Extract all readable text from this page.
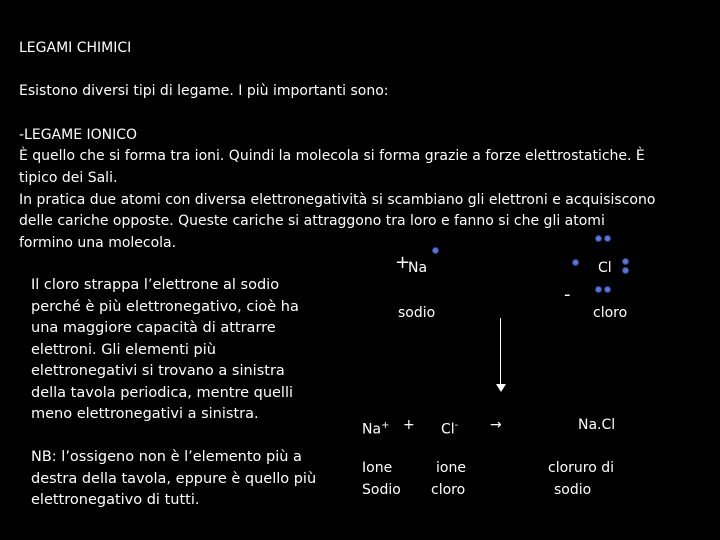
LEGAMI CHIMICI
Esistono diversi tipi di legame. I più importanti sono:
-LEGAME IONICO
È quello che si forma tra ioni. Quindi la molecola si forma grazie a forze elettrostatiche. È
tipico dei Sali.
In pratica due atomi con diversa elettronegatività si scambiano gli elettroni e acquisiscono
delle cariche opposte. Queste cariche si attraggono tra loro e fanno si che gli atomi
formino una molecola.
Il cloro strappa l’elettrone al sodio perché è più elettronegativo, cioè ha una maggiore capacità di attrarre elettroni. Gli elementi più elettronegativi si trovano a sinistra della tavola periodica, mentre quelli meno elettronegativi a sinistra.
NB: l’ossigeno non è l’elemento più a destra della tavola, eppure è quello più elettronegativo di tutti.
+
Na
sodio
Cl
-
cloro
Na+ + Cl- →	Na.Cl
Ione
Sodio
ione
cloro
cloruro di
sodio
